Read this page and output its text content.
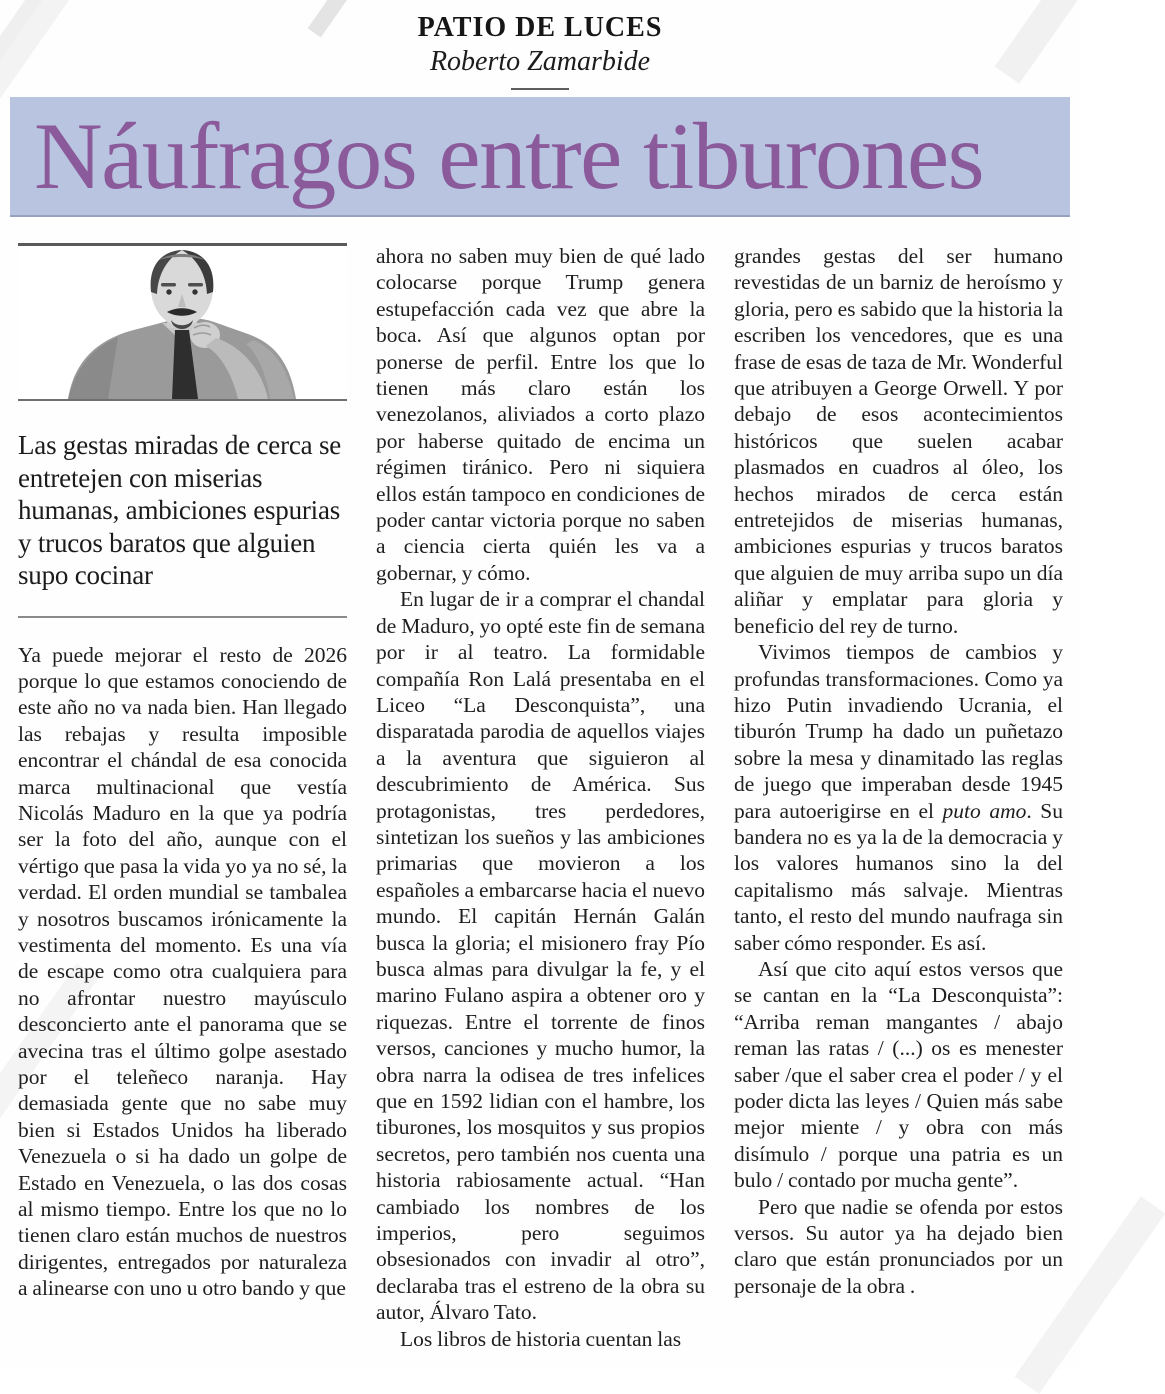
PATIO DE LUCES
Roberto Zamarbide
Náufragos entre tiburones

Las gestas miradas de cerca se entretejen con miserias humanas, ambiciones espurias y trucos baratos que alguien supo cocinar

Ya puede mejorar el resto de 2026 porque lo que estamos conociendo de este año no va nada bien. Han llegado las rebajas y resulta imposible encontrar el chándal de esa conocida marca multinacional que vestía Nicolás Maduro en la que ya podría ser la foto del año, aunque con el vértigo que pasa la vida yo ya no sé, la verdad. El orden mundial se tambalea y nosotros buscamos irónicamente la vestimenta del momento. Es una vía de escape como otra cualquiera para no afrontar nuestro mayúsculo desconcierto ante el panorama que se avecina tras el último golpe asestado por el teleñeco naranja. Hay demasiada gente que no sabe muy bien si Estados Unidos ha liberado Venezuela o si ha dado un golpe de Estado en Venezuela, o las dos cosas al mismo tiempo. Entre los que no lo tienen claro están muchos de nuestros dirigentes, entregados por naturaleza a alinearse con uno u otro bando y que

ahora no saben muy bien de qué lado colocarse porque Trump genera estupefacción cada vez que abre la boca. Así que algunos optan por ponerse de perfil. Entre los que lo tienen más claro están los venezolanos, aliviados a corto plazo por haberse quitado de encima un régimen tiránico. Pero ni siquiera ellos están tampoco en condiciones de poder cantar victoria porque no saben a ciencia cierta quién les va a gobernar, y cómo.

En lugar de ir a comprar el chandal de Maduro, yo opté este fin de semana por ir al teatro. La formidable compañía Ron Lalá presentaba en el Liceo “La Desconquista”, una disparatada parodia de aquellos viajes a la aventura que siguieron al descubrimiento de América. Sus protagonistas, tres perdedores, sintetizan los sueños y las ambiciones primarias que movieron a los españoles a embarcarse hacia el nuevo mundo. El capitán Hernán Galán busca la gloria; el misionero fray Pío busca almas para divulgar la fe, y el marino Fulano aspira a obtener oro y riquezas. Entre el torrente de finos versos, canciones y mucho humor, la obra narra la odisea de tres infelices que en 1592 lidian con el hambre, los tiburones, los mosquitos y sus propios secretos, pero también nos cuenta una historia rabiosamente actual. “Han cambiado los nombres de los imperios, pero seguimos obsesionados con invadir al otro”, declaraba tras el estreno de la obra su autor, Álvaro Tato.

Los libros de historia cuentan las

grandes gestas del ser humano revestidas de un barniz de heroísmo y gloria, pero es sabido que la historia la escriben los vencedores, que es una frase de esas de taza de Mr. Wonderful que atribuyen a George Orwell. Y por debajo de esos acontecimientos históricos que suelen acabar plasmados en cuadros al óleo, los hechos mirados de cerca están entretejidos de miserias humanas, ambiciones espurias y trucos baratos que alguien de muy arriba supo un día aliñar y emplatar para gloria y beneficio del rey de turno.

Vivimos tiempos de cambios y profundas transformaciones. Como ya hizo Putin invadiendo Ucrania, el tiburón Trump ha dado un puñetazo sobre la mesa y dinamitado las reglas de juego que imperaban desde 1945 para autoerigirse en el puto amo. Su bandera no es ya la de la democracia y los valores humanos sino la del capitalismo más salvaje. Mientras tanto, el resto del mundo naufraga sin saber cómo responder. Es así.

Así que cito aquí estos versos que se cantan en la “La Desconquista”: “Arriba reman mangantes / abajo reman las ratas / (...) os es menester saber /que el saber crea el poder / y el poder dicta las leyes / Quien más sabe mejor miente / y obra con más disímulo / porque una patria es un bulo / contado por mucha gente”.

Pero que nadie se ofenda por estos versos. Su autor ya ha dejado bien claro que están pronunciados por un personaje de la obra .
